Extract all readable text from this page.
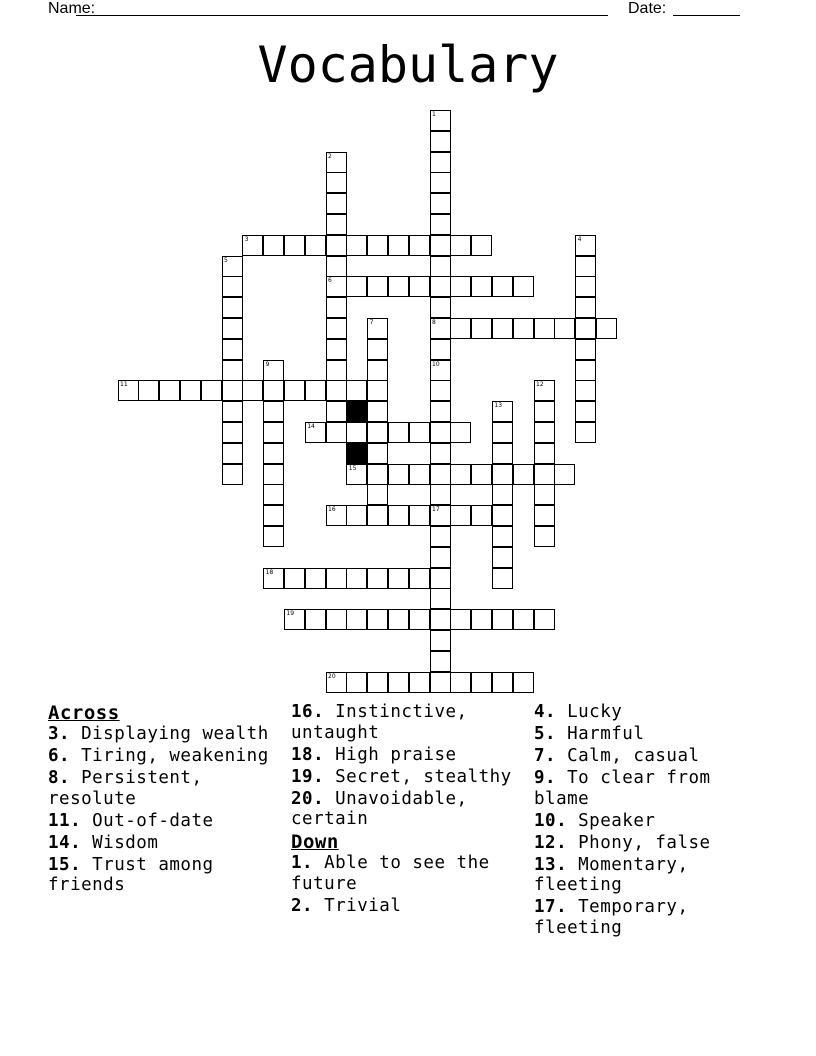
Name:	Date:
Vocabulary
3
6
8
11
14
15
16
18
19
20
1
2
4
5
7
9	10
12
13
17
Across
3. Displaying wealth
6. Tiring, weakening
8. Persistent, resolute
11. Out-of-date
14. Wisdom
15. Trust among friends
16. Instinctive, untaught
18. High praise
19. Secret, stealthy
20. Unavoidable, certain
Down
1. Able to see the future
2. Trivial
4. Lucky
5. Harmful
7. Calm, casual
9. To clear from blame
10. Speaker
12. Phony, false
13. Momentary, fleeting
17. Temporary, fleeting
